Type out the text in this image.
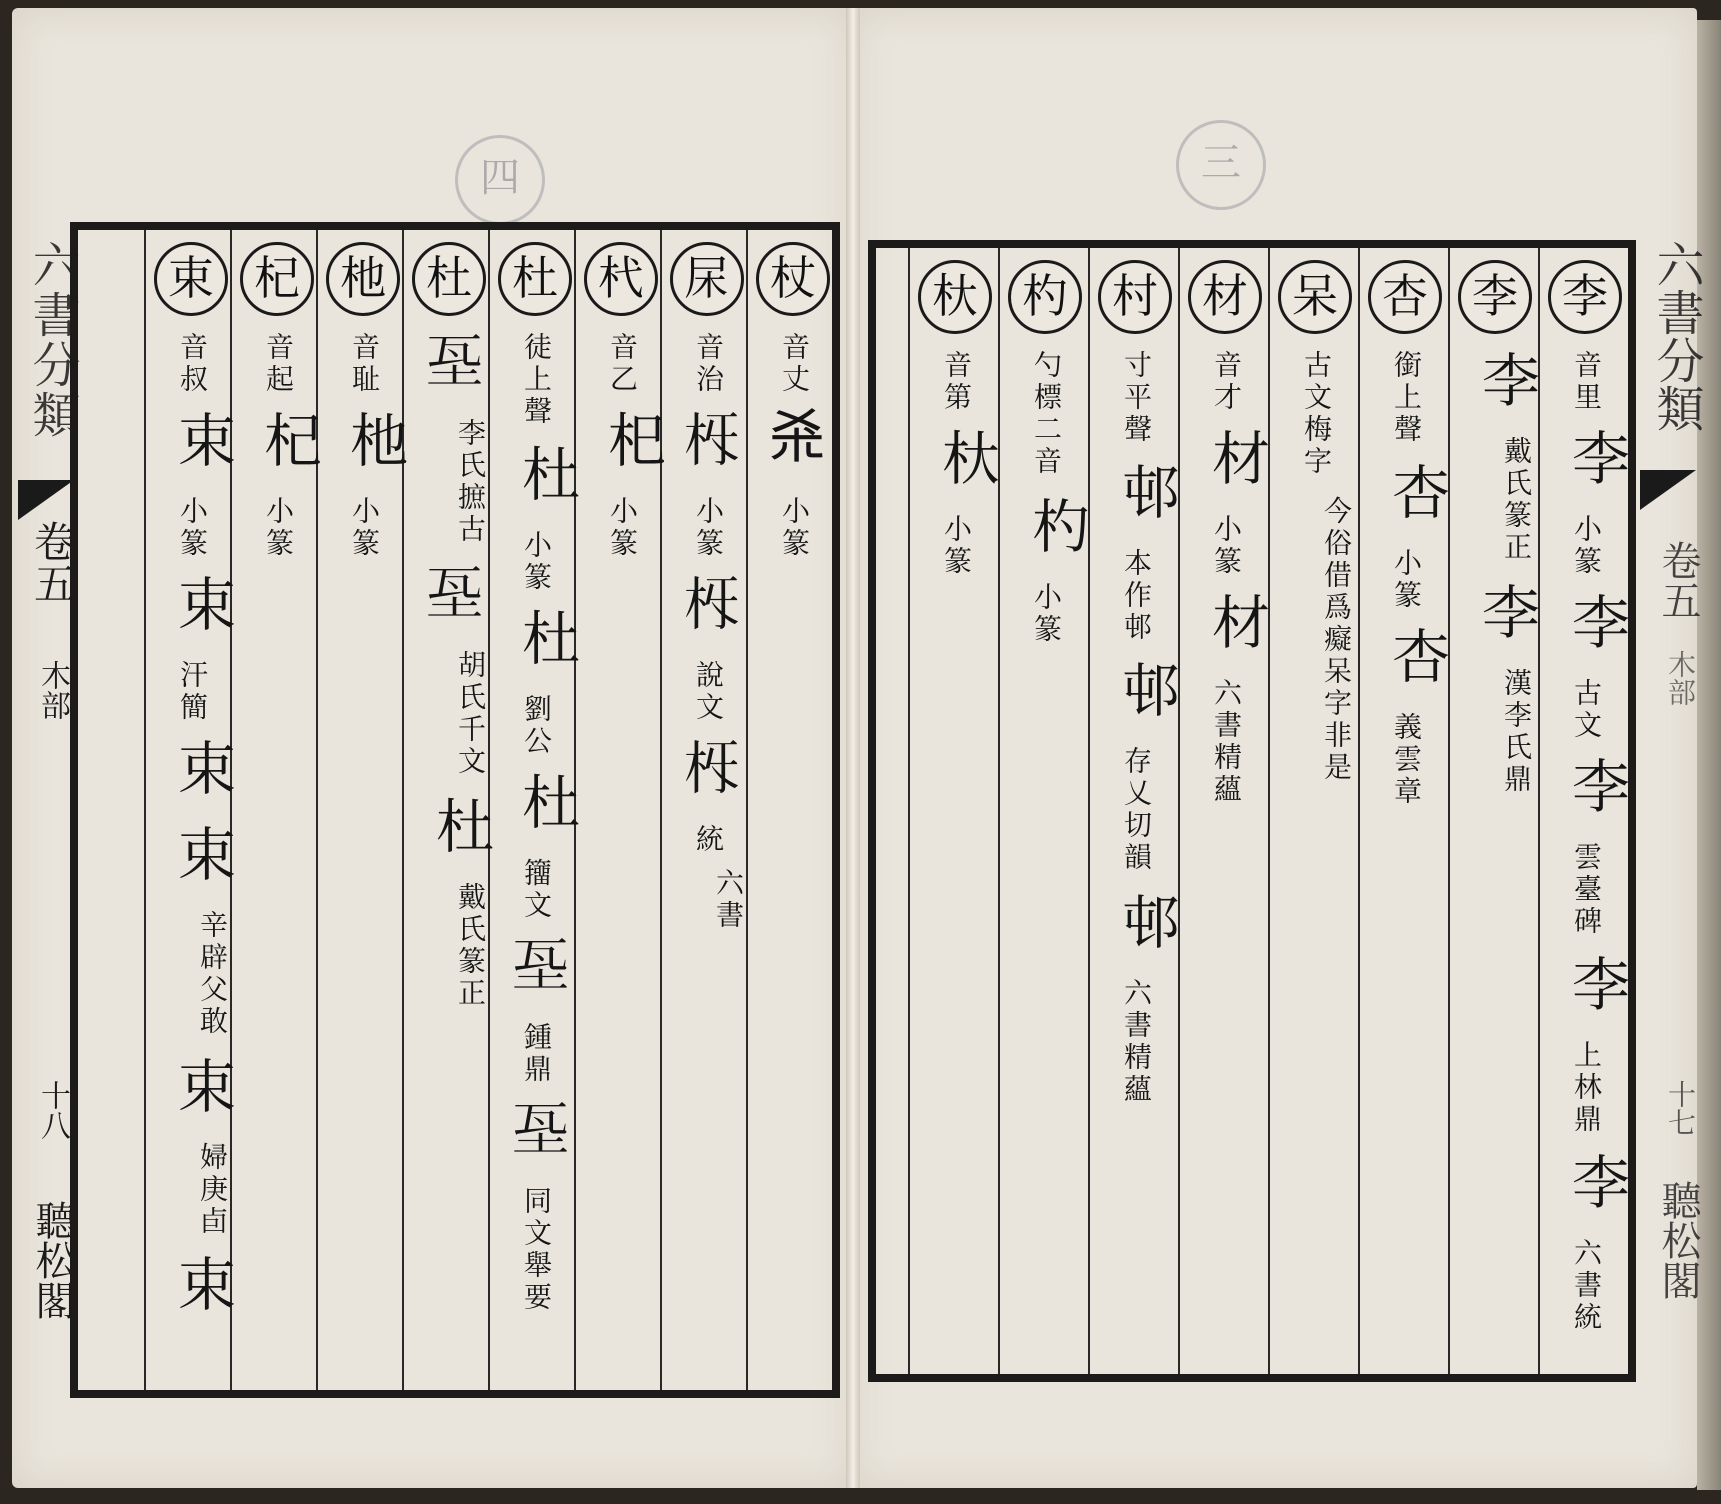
四	三
六書分類
卷五
木部
十八
聽松閣
六書分類
卷五
木部
十七
聽松閣
杖
音丈
𣏂
小篆
杘
音治
𣏛
小篆
𣏛
說文
𣏛
統
六書
杙
音乙
𣏌
小篆
杜
徒上聲
杜
小篆
杜
劉公
杜
籒文
𡊝
鍾鼎
𡊝
同文舉要
杜
𡊝
李氏摭古
𡊝
胡氏千文
杜
戴氏篆正
杝
音耻
杝
小篆
杞
音起
杞
小篆
束
音叔
束
小篆
束
汗簡
束
束
辛辟父敢
束
婦庚卣
束
李
音里
李
小篆
李
古文
李
雲臺碑
李
上林鼎
李
六書統
李
李
戴氏篆正
李
漢李氏鼎
杏
銜上聲
杏
小篆
杏
義雲章
呆
古文梅字
今俗借爲癡呆字非是
材
音才
材
小篆
材
六書精蘊
村
寸平聲
邨
本作邨
邨
存乂切韻
邨
六書精蘊
杓
勺標二音
杓
小篆
杕
音第
杕
小篆
